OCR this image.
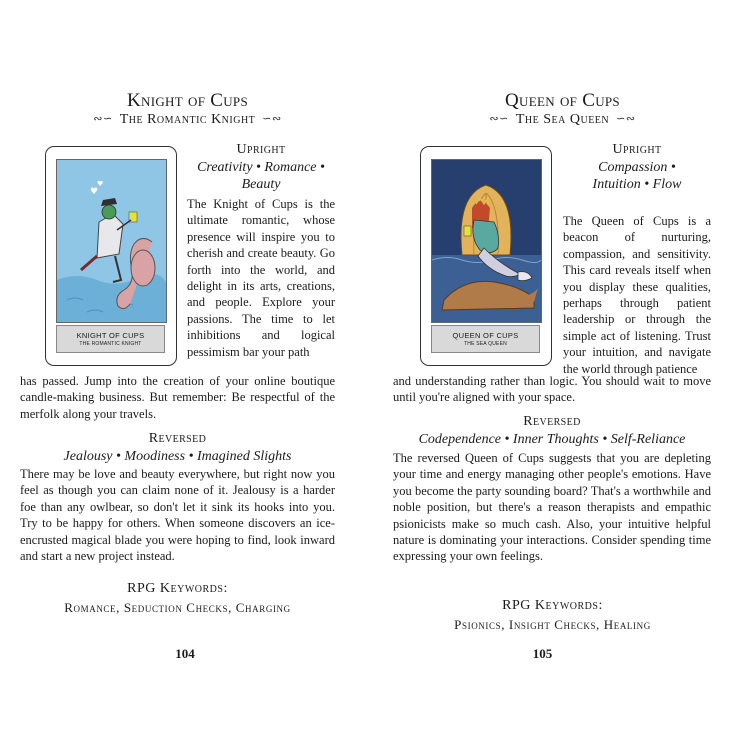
Knight of Cups
∾∽ The Romantic Knight ∽∾
♥
♥
KNIGHT OF CUPS
THE ROMANTIC KNIGHT
Upright
Creativity • Romance •
Beauty
The Knight of Cups is the ultimate romantic, whose presence will inspire you to cherish and create beauty. Go forth into the world, and delight in its arts, creations, and people. Explore your passions. The time to let inhibitions and logical pessimism bar your path
has passed. Jump into the creation of your online boutique candle-making business. But remember: Be respectful of the merfolk along your travels.
Reversed
Jealousy • Moodiness • Imagined Slights
There may be love and beauty everywhere, but right now you feel as though you can claim none of it. Jealousy is a harder foe than any owlbear, so don't let it sink its hooks into you. Try to be happy for others. When someone discovers an ice-encrusted magical blade you were hoping to find, look inward and start a new project instead.
RPG Keywords:
Romance, Seduction Checks, Charging
104
Queen of Cups
∾∽ The Sea Queen ∽∾
QUEEN OF CUPS
THE SEA QUEEN
Upright
Compassion •
Intuition • Flow
The Queen of Cups is a beacon of nurturing, compassion, and sensitivity. This card reveals itself when you display these qualities, perhaps through patient leadership or through the simple act of listening. Trust your intuition, and navigate the world through patience
and understanding rather than logic. You should wait to move until you're aligned with your space.
Reversed
Codependence • Inner Thoughts • Self-Reliance
The reversed Queen of Cups suggests that you are depleting your time and energy managing other people's emotions. Have you become the party sounding board? That's a worthwhile and noble position, but there's a reason therapists and empathic psionicists make so much cash. Also, your intuitive helpful nature is dominating your interactions. Consider spending time expressing your own feelings.
RPG Keywords:
Psionics, Insight Checks, Healing
105
